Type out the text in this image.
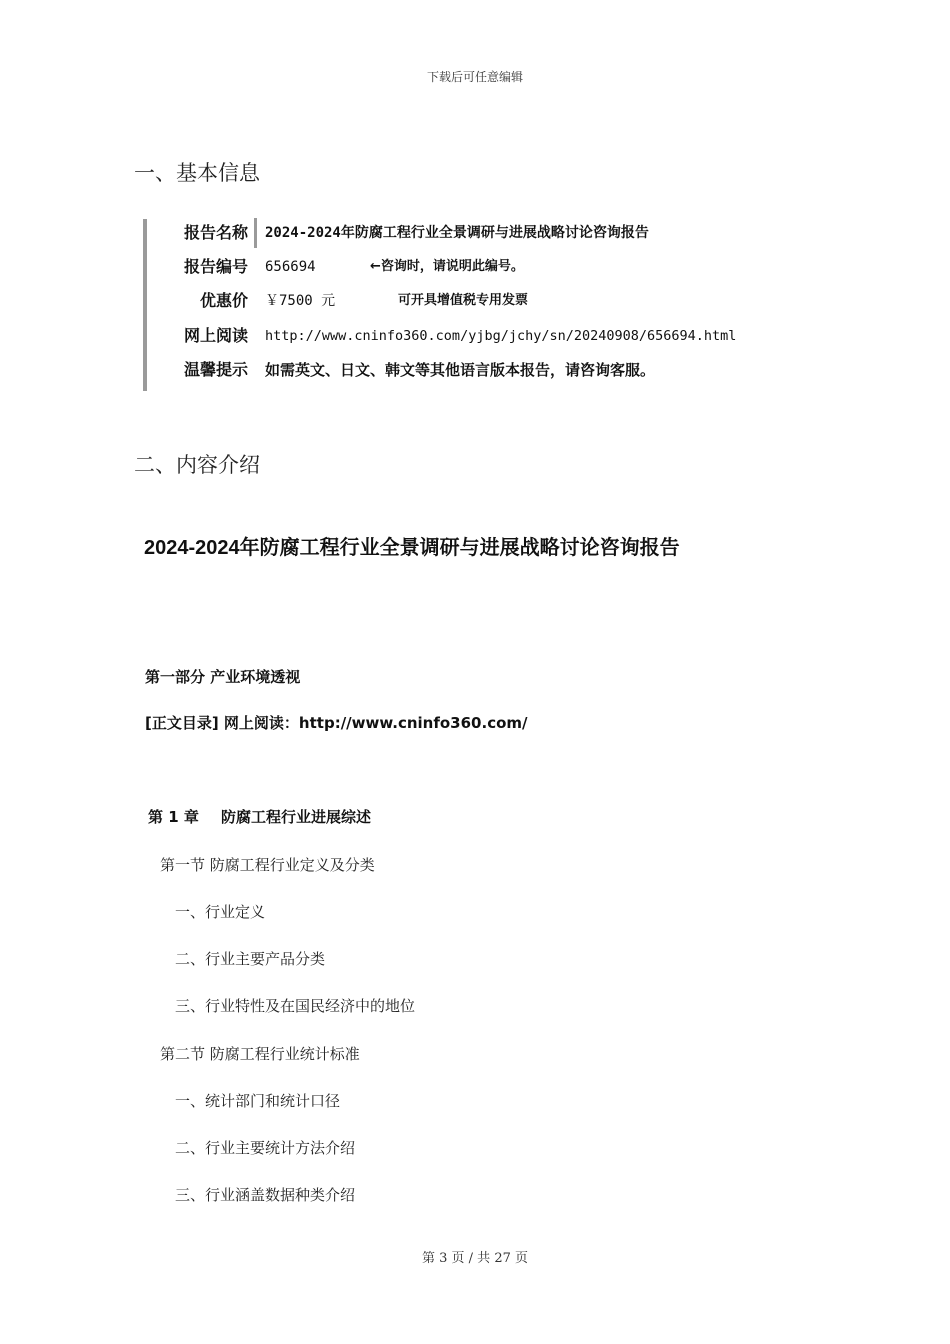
下载后可任意编辑
一、基本信息
报告名称 2024-2024年防腐工程行业全景调研与进展战略讨论咨询报告
报告编号 656694	←咨询时，请说明此编号。
优惠价 ￥7500 元	可开具增值税专用发票
网上阅读 http://www.cninfo360.com/yjbg/jchy/sn/20240908/656694.html
温馨提示 如需英文、日文、韩文等其他语言版本报告，请咨询客服。
二、内容介绍
2024-2024年防腐工程行业全景调研与进展战略讨论咨询报告
第一部分 产业环境透视
[正文目录] 网上阅读：http://www.cninfo360.com/
第 1 章 防腐工程行业进展综述
第一节 防腐工程行业定义及分类
一、行业定义
二、行业主要产品分类
三、行业特性及在国民经济中的地位
第二节 防腐工程行业统计标准
一、统计部门和统计口径
二、行业主要统计方法介绍
三、行业涵盖数据种类介绍
第 3 页 / 共 27 页
